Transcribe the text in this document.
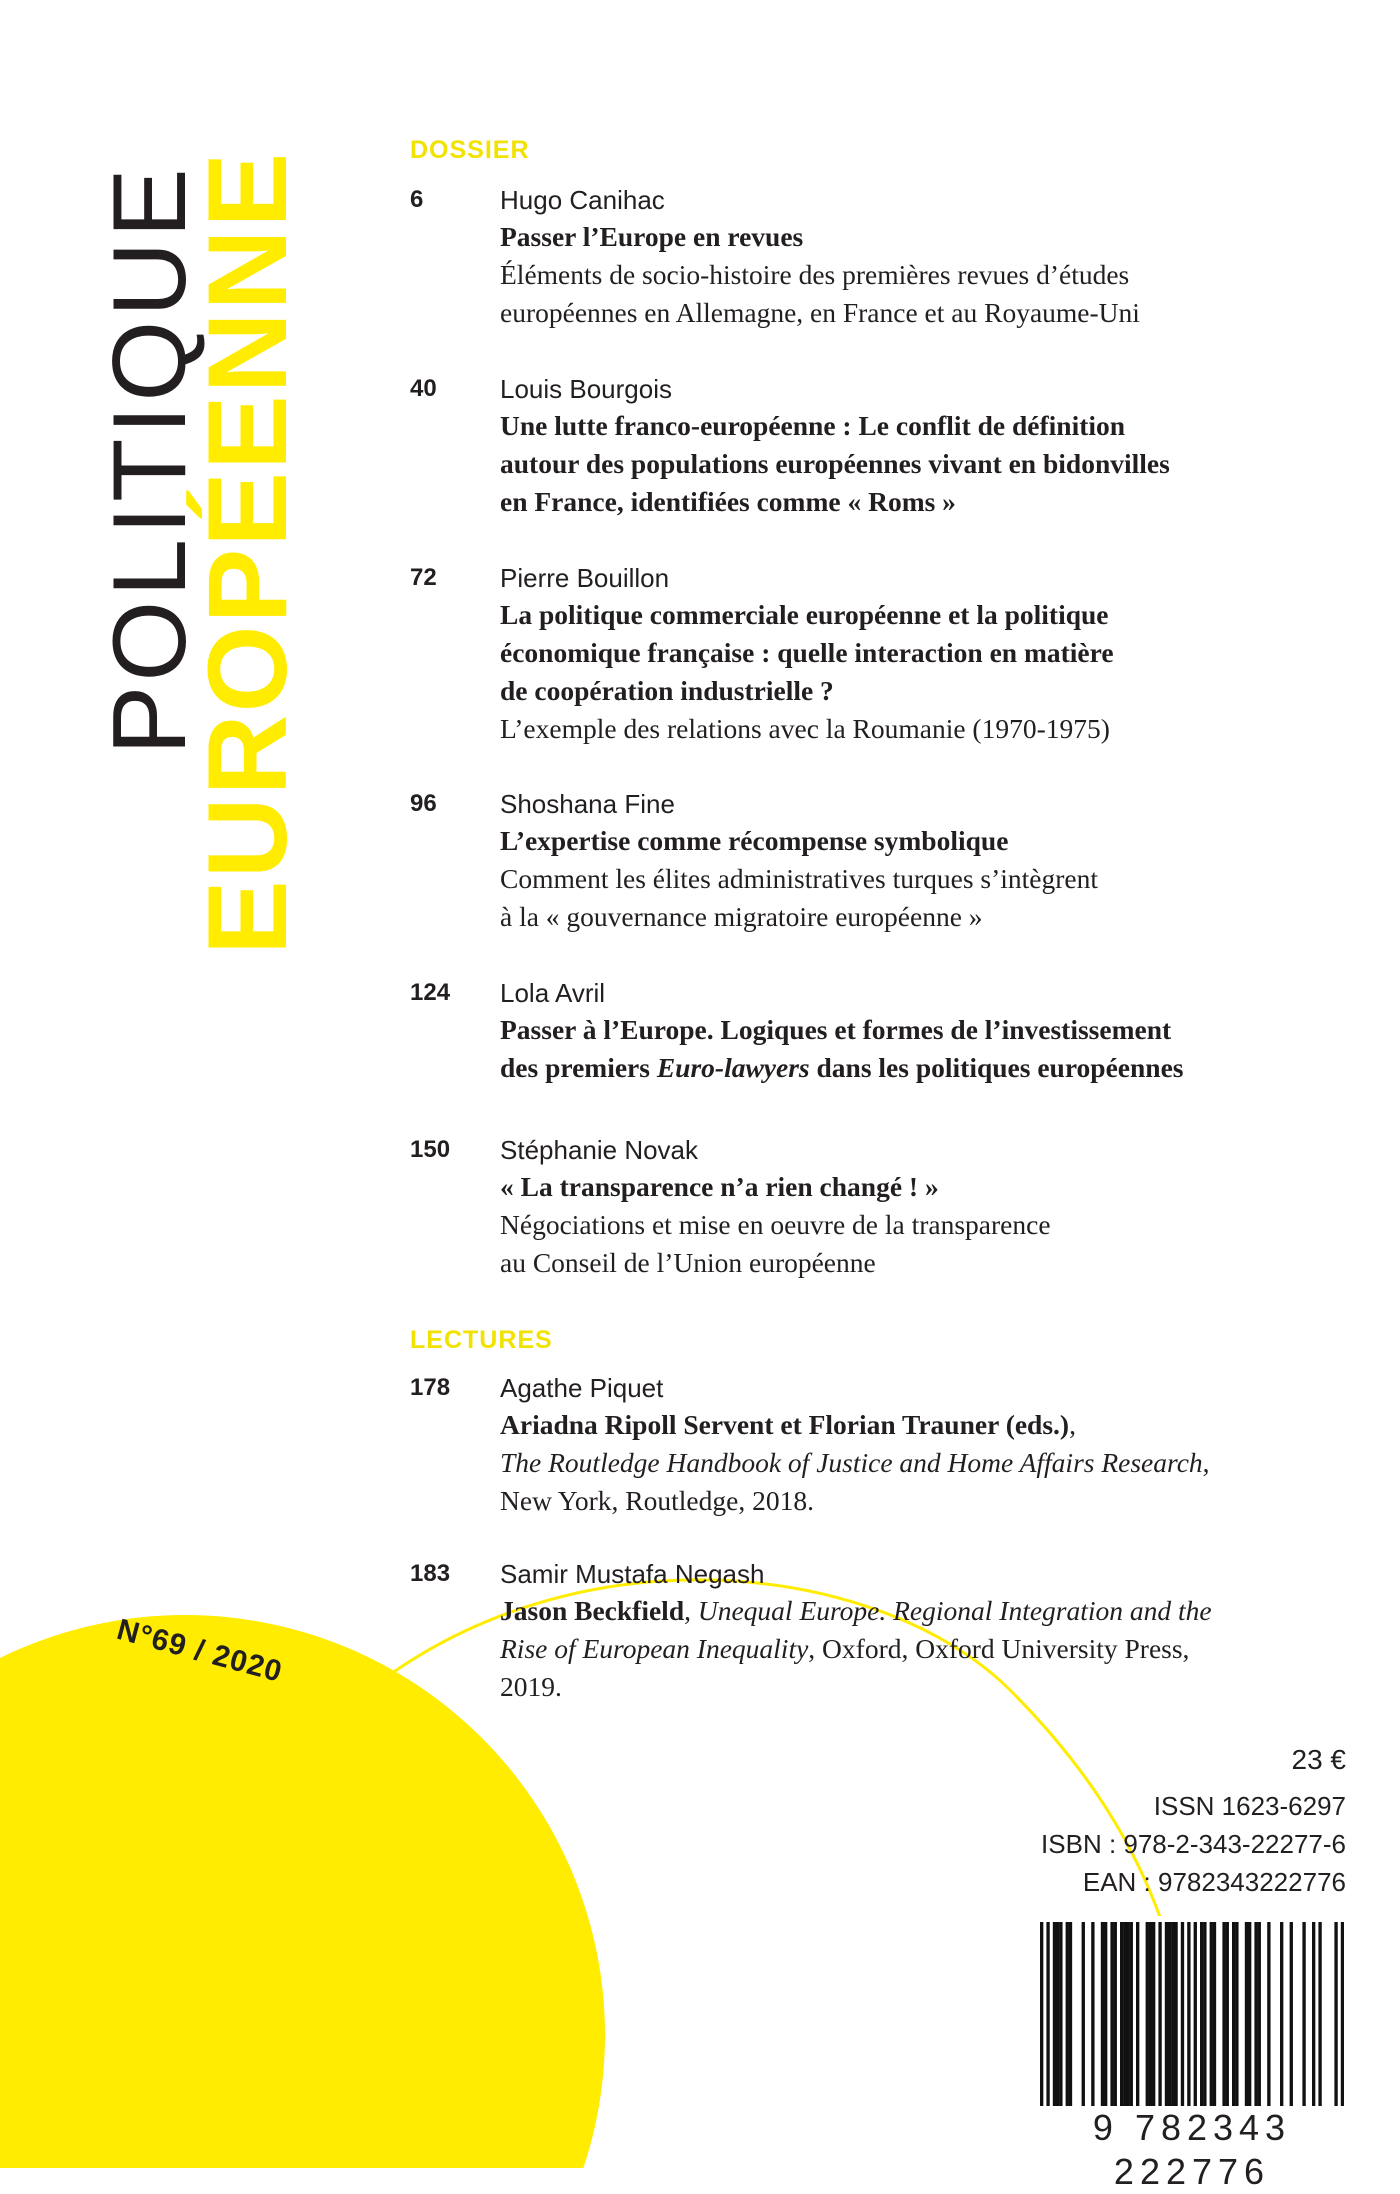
POLITIQUE
EUROPÉENNE
N°69 / 2020
DOSSIER
6	Hugo Canihac

Passer l’Europe en revues

Éléments de socio-histoire des premières revues d’études

européennes en Allemagne, en France et au Royaume-Uni

40 Louis Bourgois

Une lutte franco-européenne : Le conflit de définition

autour des populations européennes vivant en bidonvilles

en France, identifiées comme « Roms »

72 Pierre Bouillon

La politique commerciale européenne et la politique

économique française : quelle interaction en matière

de coopération industrielle ?

L’exemple des relations avec la Roumanie (1970-1975)

96 Shoshana Fine

L’expertise comme récompense symbolique

Comment les élites administratives turques s’intègrent

à la « gouvernance migratoire européenne »

124 Lola Avril

Passer à l’Europe. Logiques et formes de l’investissement

des premiers Euro-lawyers dans les politiques européennes

150 Stéphanie Novak

« La transparence n’a rien changé ! »

Négociations et mise en oeuvre de la transparence

au Conseil de l’Union européenne

LECTURES
178 Agathe Piquet

Ariadna Ripoll Servent et Florian Trauner (eds.),

The Routledge Handbook of Justice and Home Affairs Research,

New York, Routledge, 2018.

183 Samir Mustafa Negash

Jason Beckfield, Unequal Europe. Regional Integration and the

Rise of European Inequality, Oxford, Oxford University Press,

2019.

23 €
ISSN 1623-6297
ISBN : 978-2-343-22277-6
EAN : 9782343222776
9 782343 222776
